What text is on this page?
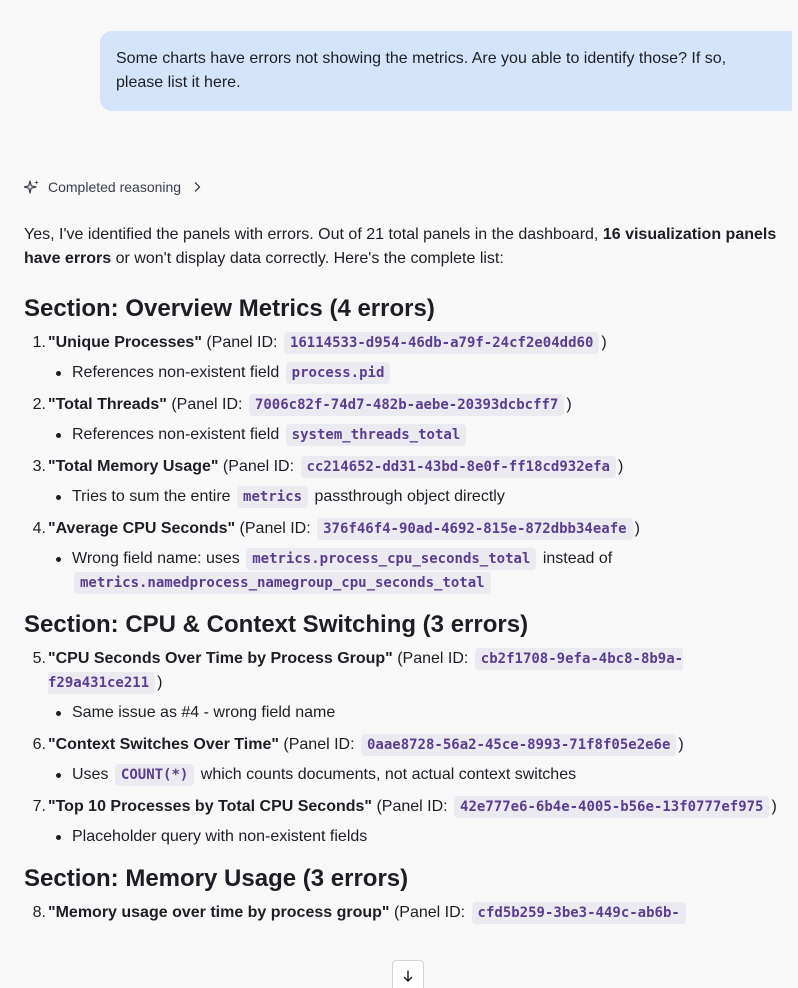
Some charts have errors not showing the metrics. Are you able to identify those? If so, please list it here.
Completed reasoning

Yes, I've identified the panels with errors. Out of 21 total panels in the dashboard, 16 visualization panels have errors or won't display data correctly. Here's the complete list:

Section: Overview Metrics (4 errors)
1. "Unique Processes" (Panel ID: 16114533-d954-46db-a79f-24cf2e04dd60 )
References non-existent field process.pid
2. "Total Threads" (Panel ID: 7006c82f-74d7-482b-aebe-20393dcbcff7 )
References non-existent field system_threads_total
3. "Total Memory Usage" (Panel ID: cc214652-dd31-43bd-8e0f-ff18cd932efa )
Tries to sum the entire metrics passthrough object directly
4. "Average CPU Seconds" (Panel ID: 376f46f4-90ad-4692-815e-872dbb34eafe )
Wrong field name: uses metrics.process_cpu_seconds_total instead of
metrics.namedprocess_namegroup_cpu_seconds_total
Section: CPU & Context Switching (3 errors)
5. "CPU Seconds Over Time by Process Group" (Panel ID: cb2f1708-9efa-4bc8-8b9a-f29a431ce211 )
Same issue as #4 - wrong field name
6. "Context Switches Over Time" (Panel ID: 0aae8728-56a2-45ce-8993-71f8f05e2e6e )
Uses COUNT(*) which counts documents, not actual context switches
7. "Top 10 Processes by Total CPU Seconds" (Panel ID: 42e777e6-6b4e-4005-b56e-13f0777ef975 )
Placeholder query with non-existent fields
Section: Memory Usage (3 errors)
8. "Memory usage over time by process group" (Panel ID: cfd5b259-3be3-449c-ab6b-
